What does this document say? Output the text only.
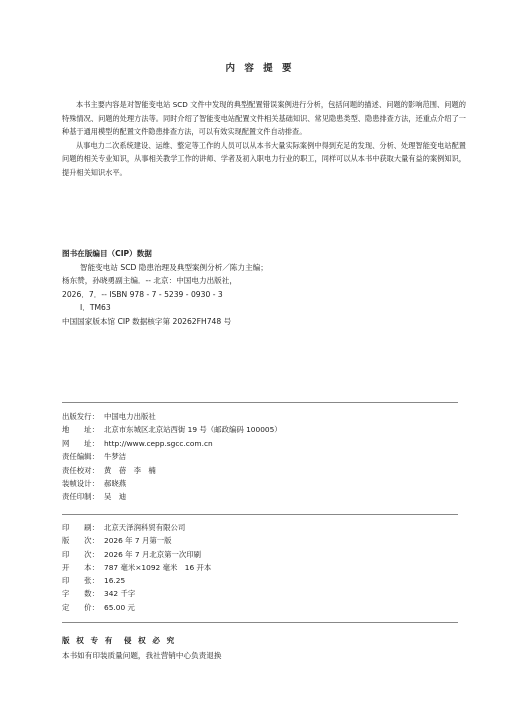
内 容 提 要

本书主要内容是对智能变电站 SCD 文件中发现的典型配置错误案例进行分析，包括问题的描述、问题的影响范围、问题的特殊情况、问题的处理方法等。同时介绍了智能变电站配置文件相关基础知识、常见隐患类型、隐患排查方法，还重点介绍了一种基于通用模型的配置文件隐患排查方法，可以有效实现配置文件自动排查。

从事电力二次系统建设、运维、整定等工作的人员可以从本书大量实际案例中得到充足的发现、分析、处理智能变电站配置问题的相关专业知识，从事相关教学工作的讲师、学者及初入职电力行业的职工，同样可以从本书中获取大量有益的案例知识，提升相关知识水平。

图书在版编目（CIP）数据
智能变电站 SCD 隐患治理及典型案例分析／陈力主编；
杨东赞，孙晓勇副主编．-- 北京：中国电力出版社，
2026．7．-- ISBN 978 - 7 - 5239 - 0930 - 3
Ⅰ．TM63
中国国家版本馆 CIP 数据核字第 20262FH748 号
出版发行： 中国电力出版社
地　　址： 北京市东城区北京站西街 19 号（邮政编码 100005）
网　　址： http://www.cepp.sgcc.com.cn
责任编辑： 牛梦洁
责任校对： 黄　蓓　李　楠
装帧设计： 郝晓燕
责任印制： 吴　迪
印　　刷： 北京天泽润科贸有限公司
版　　次： 2026 年 7 月第一版
印　　次： 2026 年 7 月北京第一次印刷
开　　本： 787 毫米×1092 毫米　16 开本
印　　张： 16.25
字　　数： 342 千字
定　　价： 65.00 元
版 权 专 有　侵 权 必 究
本书如有印装质量问题，我社营销中心负责退换
